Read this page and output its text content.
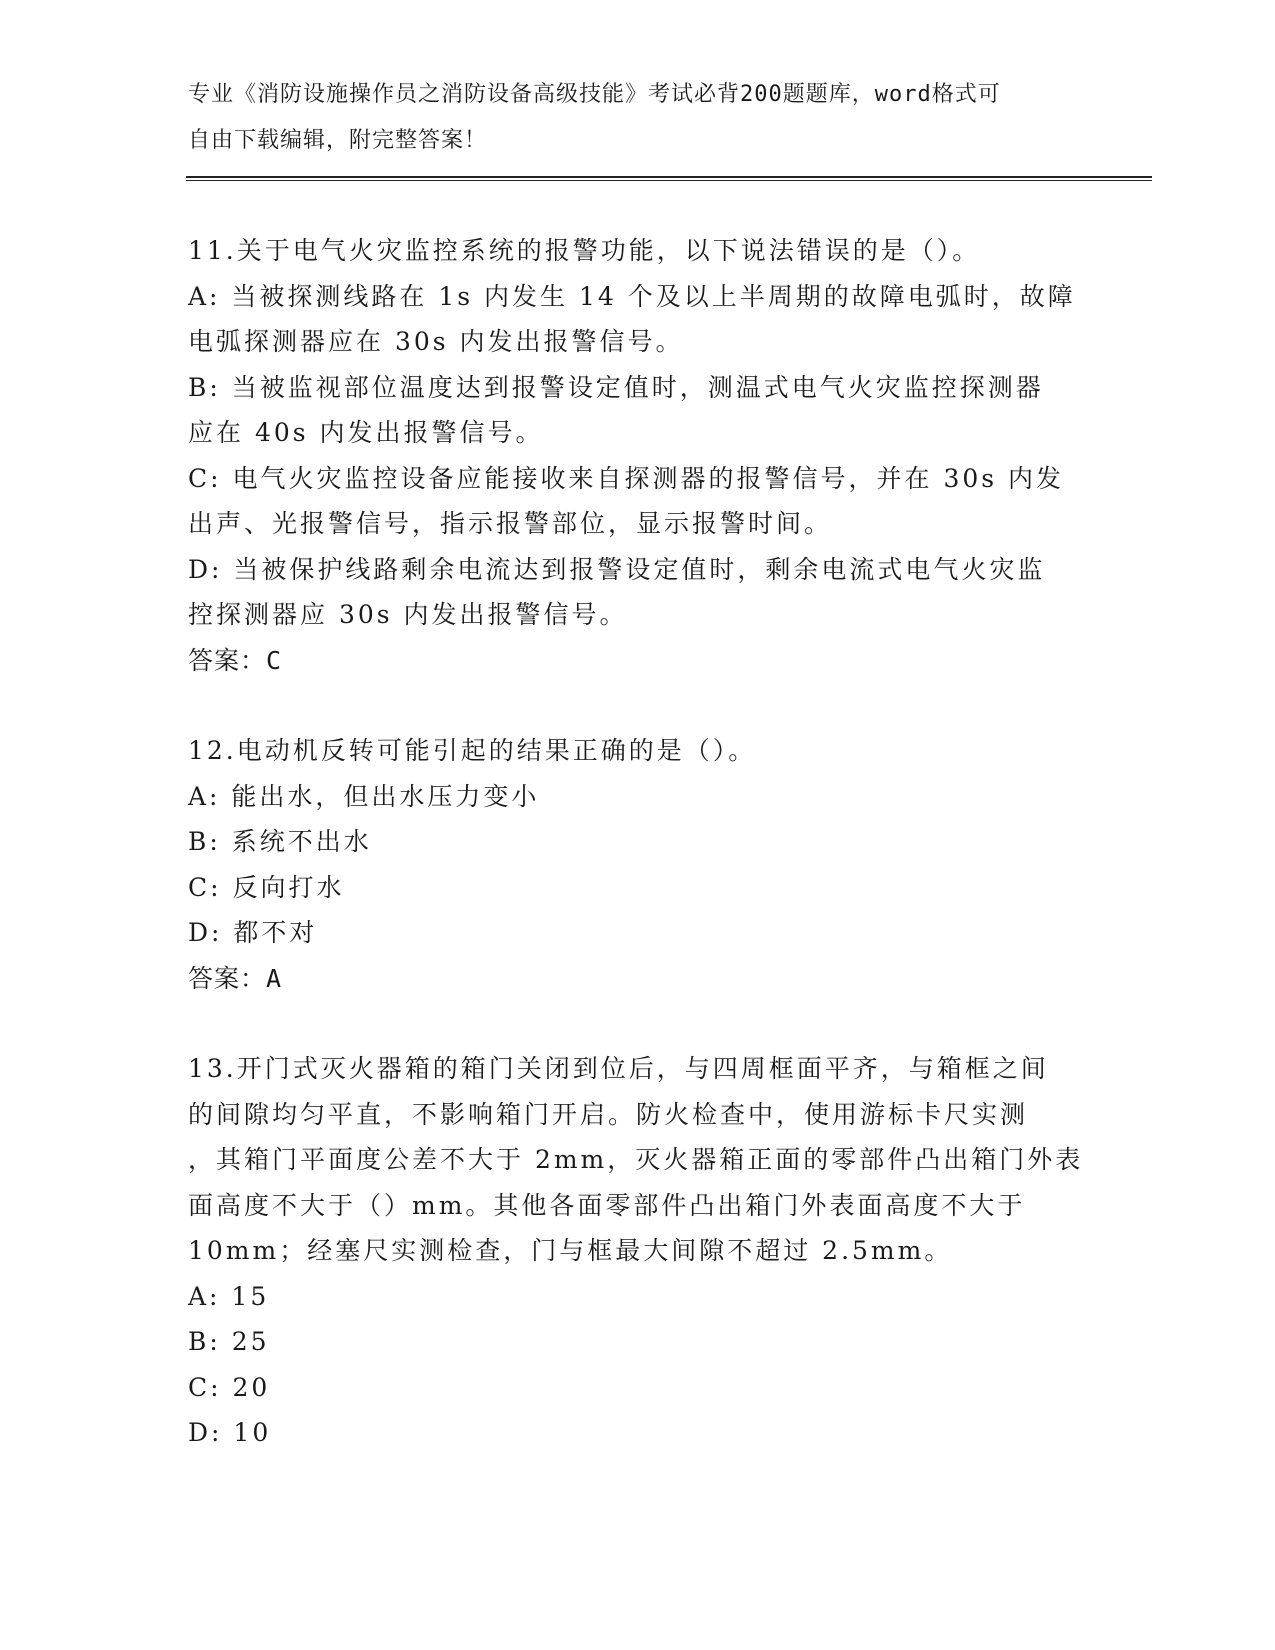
专业《消防设施操作员之消防设备高级技能》考试必背200题题库，word格式可
自由下载编辑，附完整答案！
11.关于电气火灾监控系统的报警功能，以下说法错误的是（）。
A: 当被探测线路在 1s 内发生 14 个及以上半周期的故障电弧时，故障
电弧探测器应在 30s 内发出报警信号。
B: 当被监视部位温度达到报警设定值时，测温式电气火灾监控探测器
应在 40s 内发出报警信号。
C: 电气火灾监控设备应能接收来自探测器的报警信号，并在 30s 内发
出声、光报警信号，指示报警部位，显示报警时间。
D: 当被保护线路剩余电流达到报警设定值时，剩余电流式电气火灾监
控探测器应 30s 内发出报警信号。
答案：C
12.电动机反转可能引起的结果正确的是（）。
A: 能出水，但出水压力变小
B: 系统不出水
C: 反向打水
D: 都不对
答案：A
13.开门式灭火器箱的箱门关闭到位后，与四周框面平齐，与箱框之间
的间隙均匀平直，不影响箱门开启。防火检查中，使用游标卡尺实测
，其箱门平面度公差不大于 2mm，灭火器箱正面的零部件凸出箱门外表
面高度不大于（）mm。其他各面零部件凸出箱门外表面高度不大于
10mm；经塞尺实测检查，门与框最大间隙不超过 2.5mm。
A: 15
B: 25
C: 20
D: 10
